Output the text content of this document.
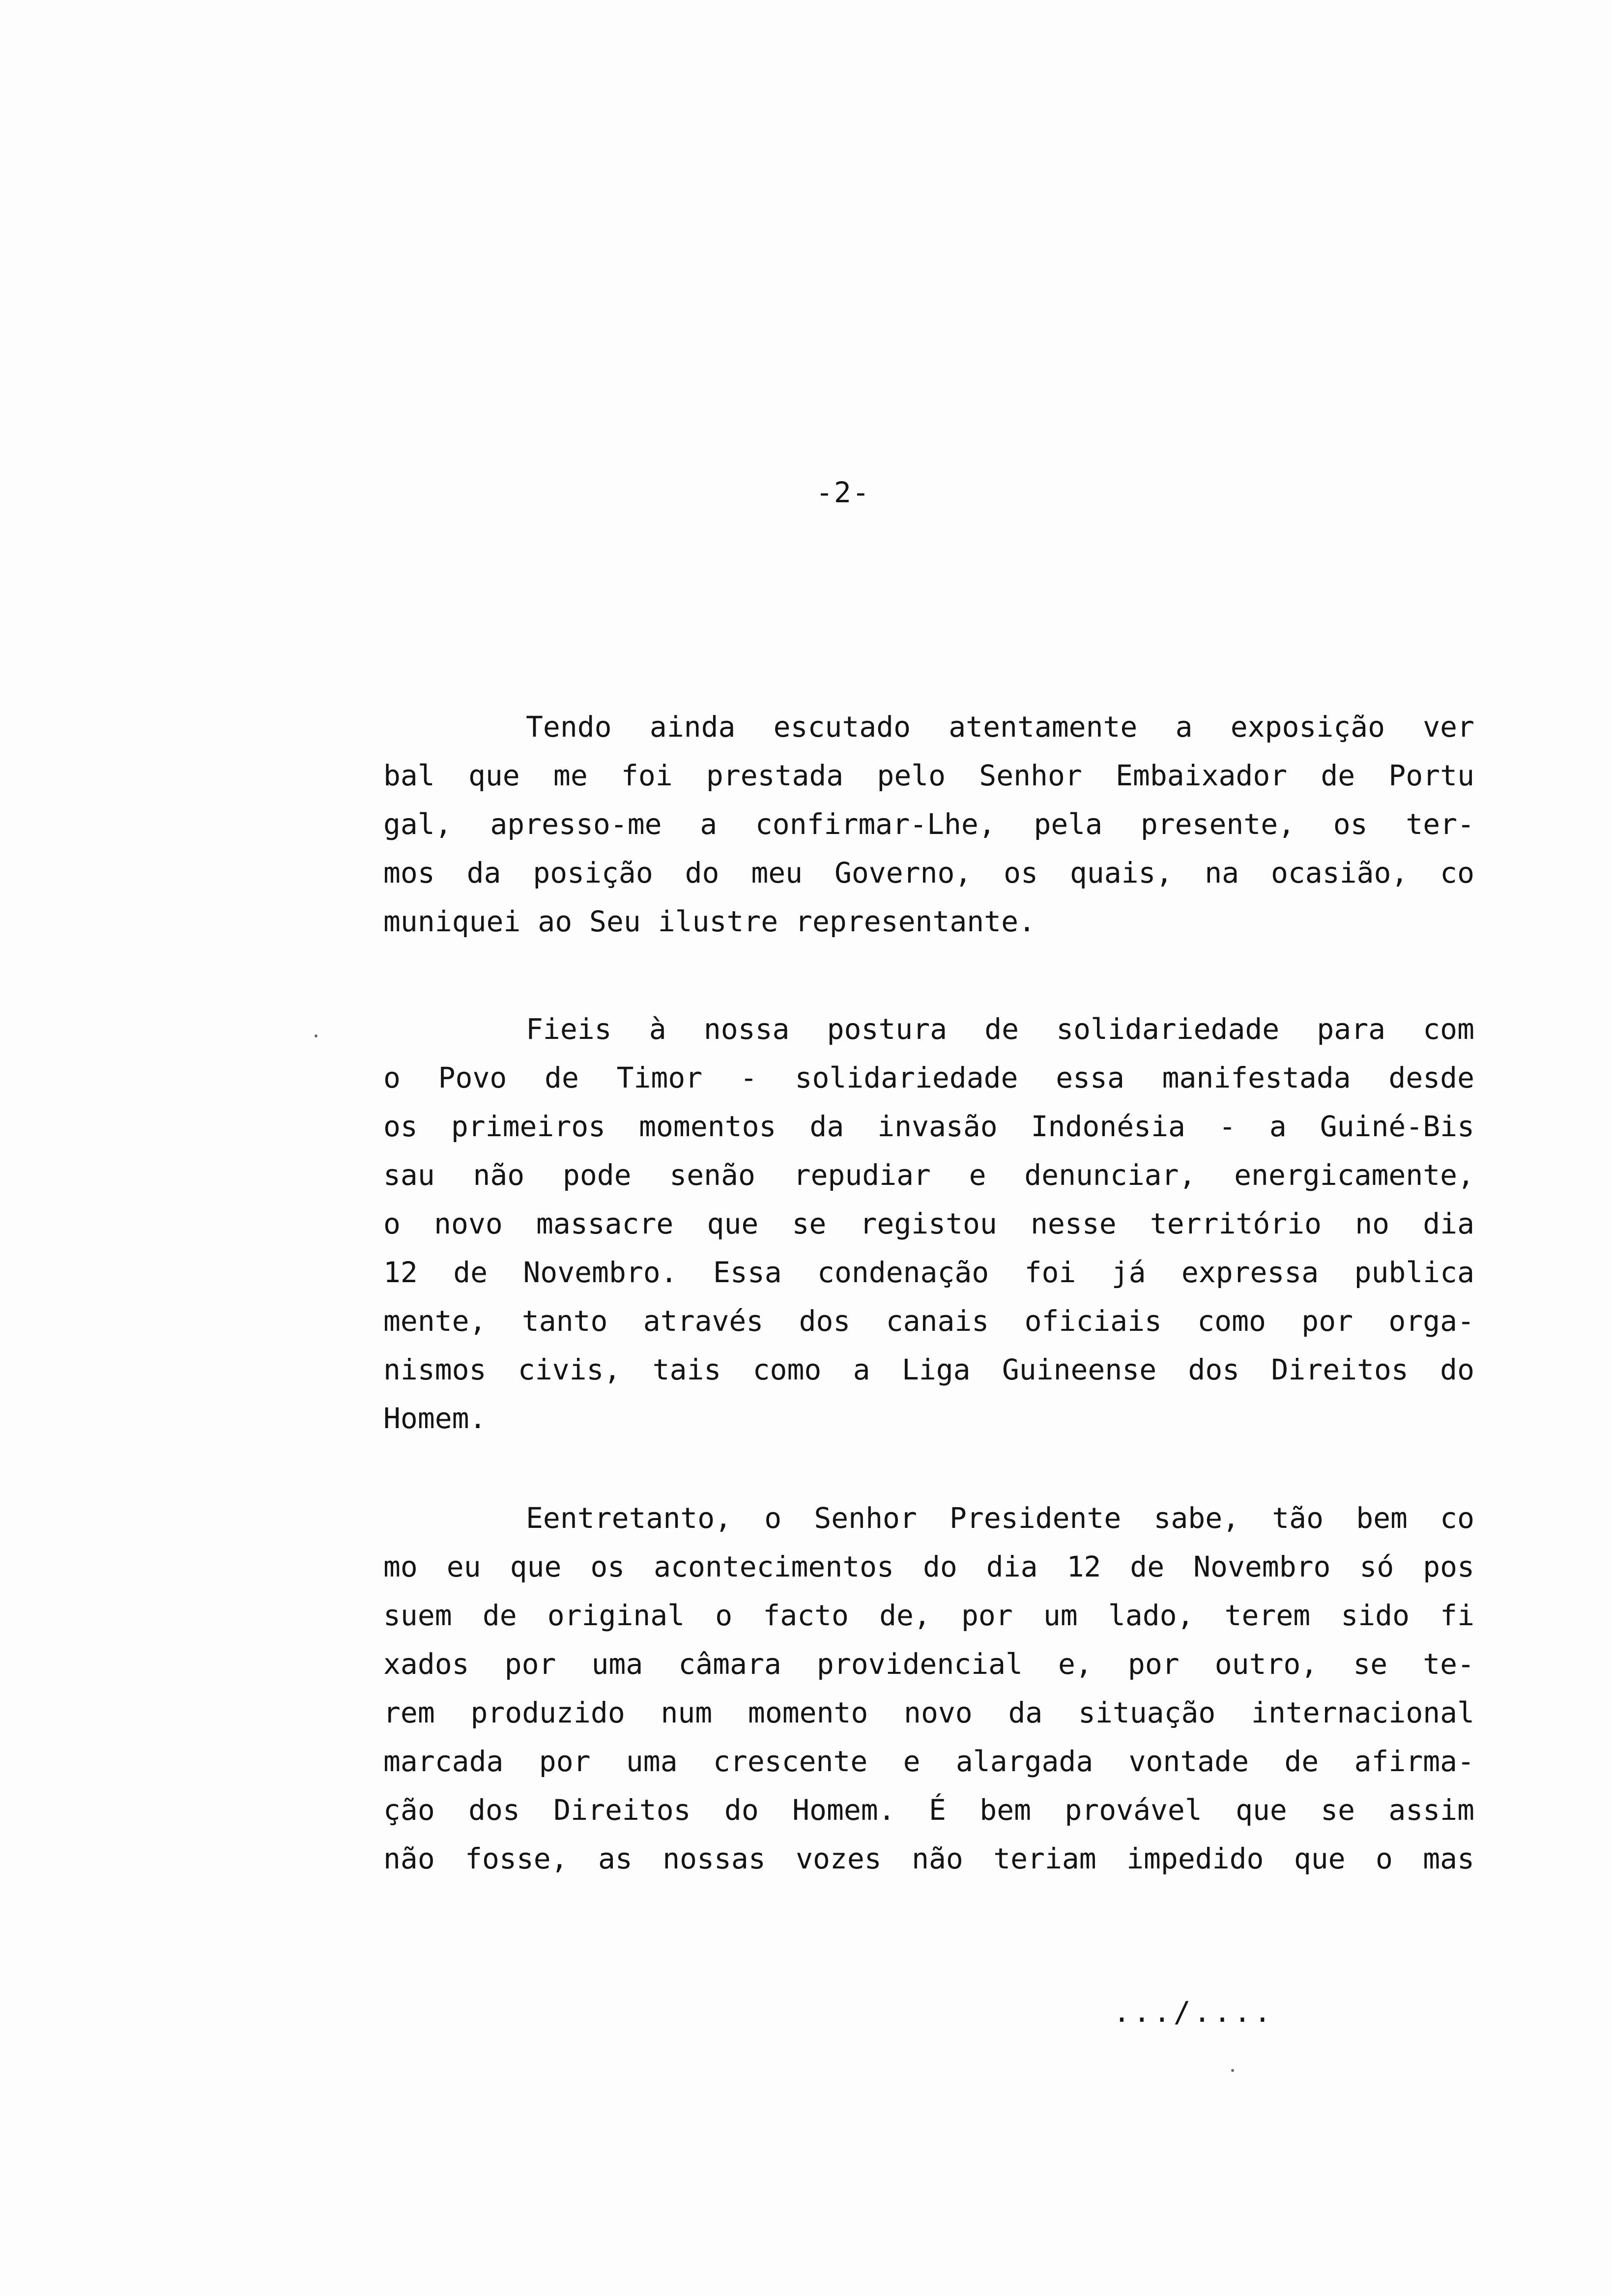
-2-
Tendo ainda escutado atentamente a exposição ver
bal que me foi prestada pelo Senhor Embaixador de Portu
gal, apresso-me a confirmar-Lhe, pela presente, os ter-
mos da posição do meu Governo, os quais, na ocasião, co
muniquei ao Seu ilustre representante.
Fieis à nossa postura de solidariedade para com
o Povo de Timor - solidariedade essa manifestada desde
os primeiros momentos da invasão Indonésia - a Guiné-Bis
sau não pode senão repudiar e denunciar, energicamente,
o novo massacre que se registou nesse território no dia
12 de Novembro. Essa condenação foi já expressa publica
mente, tanto através dos canais oficiais como por orga-
nismos civis, tais como a Liga Guineense dos Direitos do
Homem.
Eentretanto, o Senhor Presidente sabe, tão bem co
mo eu que os acontecimentos do dia 12 de Novembro só pos
suem de original o facto de, por um lado, terem sido fi
xados por uma câmara providencial e, por outro, se te-
rem produzido num momento novo da situação internacional
marcada por uma crescente e alargada vontade de afirma-
ção dos Direitos do Homem. É bem provável que se assim
não fosse, as nossas vozes não teriam impedido que o mas
.../....
